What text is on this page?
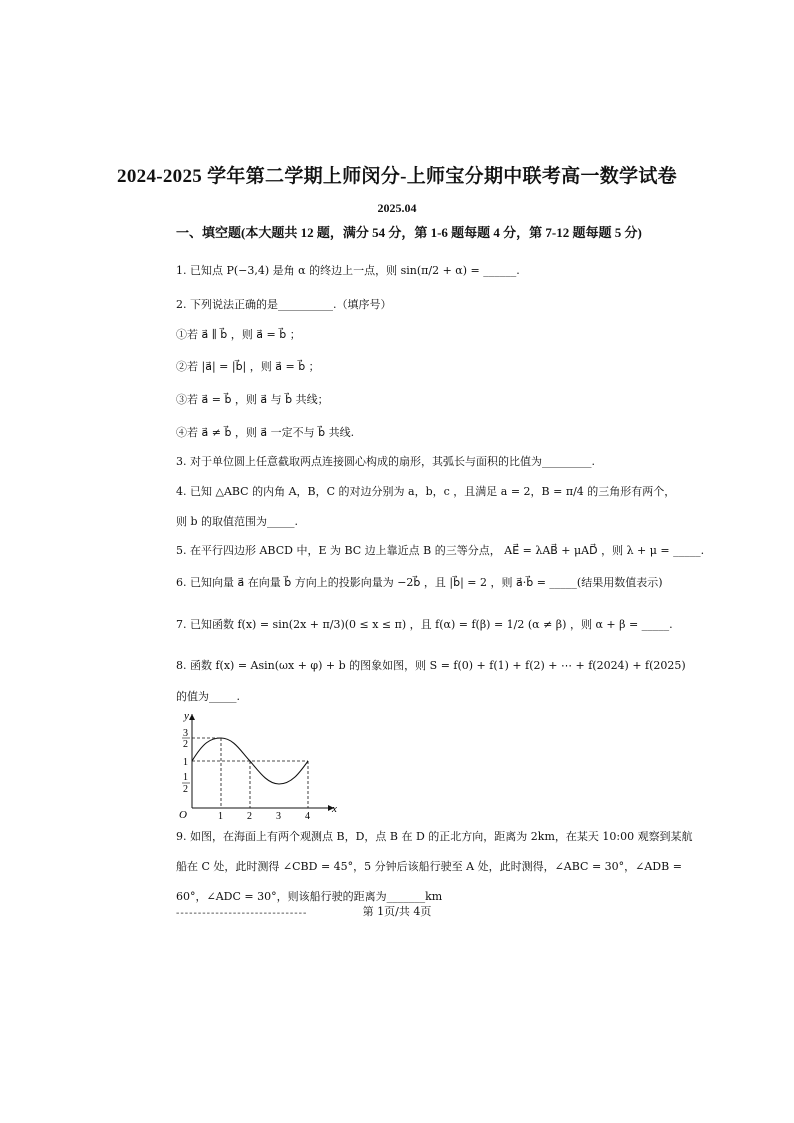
2024-2025 学年第二学期上师闵分-上师宝分期中联考高一数学试卷
2025.04
一、填空题(本大题共 12 题，满分 54 分，第 1-6 题每题 4 分，第 7-12 题每题 5 分)
1. 已知点 P(−3,4) 是角 α 的终边上一点，则 sin(π/2 + α) = ______.
2. 下列说法正确的是__________.（填序号）
①若 a⃗ ∥ b⃗ ，则 a⃗ = b⃗ ；
②若 |a⃗| = |b⃗| ，则 a⃗ = b⃗ ；
③若 a⃗ = b⃗ ，则 a⃗ 与 b⃗ 共线；
④若 a⃗ ≠ b⃗ ，则 a⃗ 一定不与 b⃗ 共线.
3. 对于单位圆上任意截取两点连接圆心构成的扇形，其弧长与面积的比值为_________.
4. 已知 △ABC 的内角 A，B，C 的对边分别为 a，b，c ，且满足 a = 2，B = π/4 的三角形有两个，
则 b 的取值范围为_____.
5. 在平行四边形 ABCD 中，E 为 BC 边上靠近点 B 的三等分点， AE⃗ = λAB⃗ + μAD⃗ ，则 λ + μ = _____.
6. 已知向量 a⃗ 在向量 b⃗ 方向上的投影向量为 −2b⃗ ，且 |b⃗| = 2 ，则 a⃗·b⃗ = _____(结果用数值表示)
7. 已知函数 f(x) = sin(2x + π/3)(0 ≤ x ≤ π) ，且 f(α) = f(β) = 1/2 (α ≠ β) ，则 α + β = _____.
8. 函数 f(x) = Asin(ωx + φ) + b 的图象如图，则 S = f(0) + f(1) + f(2) + ⋯ + f(2024) + f(2025)
的值为_____.
y
x
O
3
2
1
1
2
1 2 3 4
9. 如图，在海面上有两个观测点 B，D，点 B 在 D 的正北方向，距离为 2km，在某天 10:00 观察到某航船在 C 处，此时测得 ∠CBD = 45°，5 分钟后该船行驶至 A 处，此时测得，∠ABC = 30°，∠ADB = 60°，∠ADC = 30°，则该船行驶的距离为_______km
第 1页/共 4页
------------------------------
